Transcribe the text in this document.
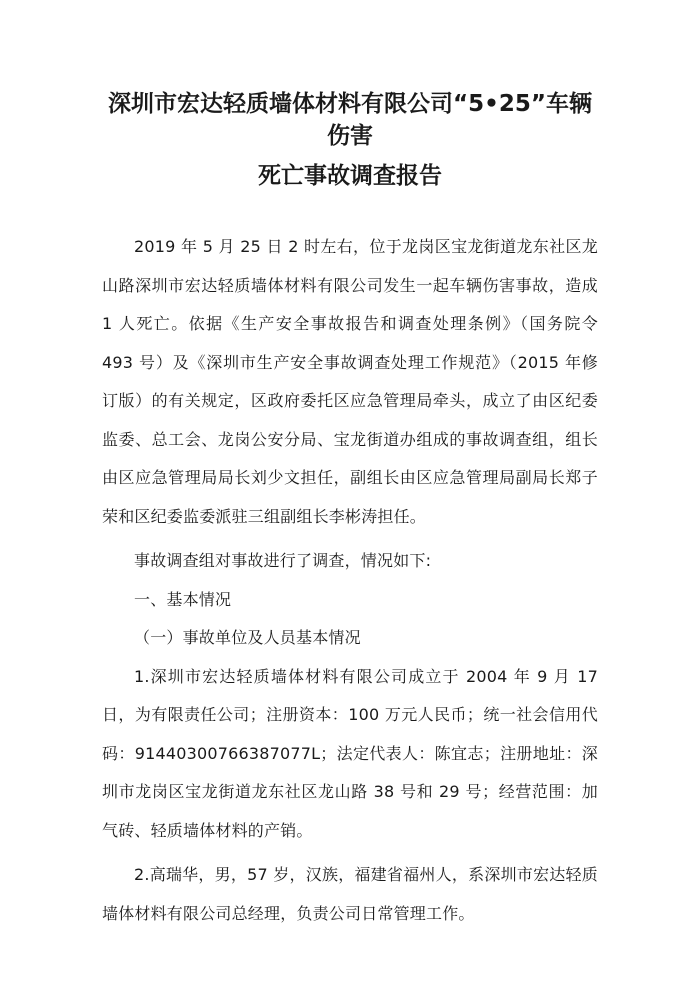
深圳市宏达轻质墙体材料有限公司“5•25”车辆伤害
死亡事故调查报告

2019 年 5 月 25 日 2 时左右，位于龙岗区宝龙街道龙东社区龙山路深圳市宏达轻质墙体材料有限公司发生一起车辆伤害事故，造成 1 人死亡。依据《生产安全事故报告和调查处理条例》（国务院令 493 号）及《深圳市生产安全事故调查处理工作规范》（2015 年修订版）的有关规定，区政府委托区应急管理局牵头，成立了由区纪委监委、总工会、龙岗公安分局、宝龙街道办组成的事故调查组，组长由区应急管理局局长刘少文担任，副组长由区应急管理局副局长郑子荣和区纪委监委派驻三组副组长李彬涛担任。

事故调查组对事故进行了调查，情况如下:

一、基本情况

（一）事故单位及人员基本情况

1.深圳市宏达轻质墙体材料有限公司成立于 2004 年 9 月 17 日，为有限责任公司；注册资本：100 万元人民币；统一社会信用代码：91440300766387077L；法定代表人：陈宜志；注册地址：深圳市龙岗区宝龙街道龙东社区龙山路 38 号和 29 号；经营范围：加气砖、轻质墙体材料的产销。

2.高瑞华，男，57 岁，汉族，福建省福州人，系深圳市宏达轻质墙体材料有限公司总经理，负责公司日常管理工作。
